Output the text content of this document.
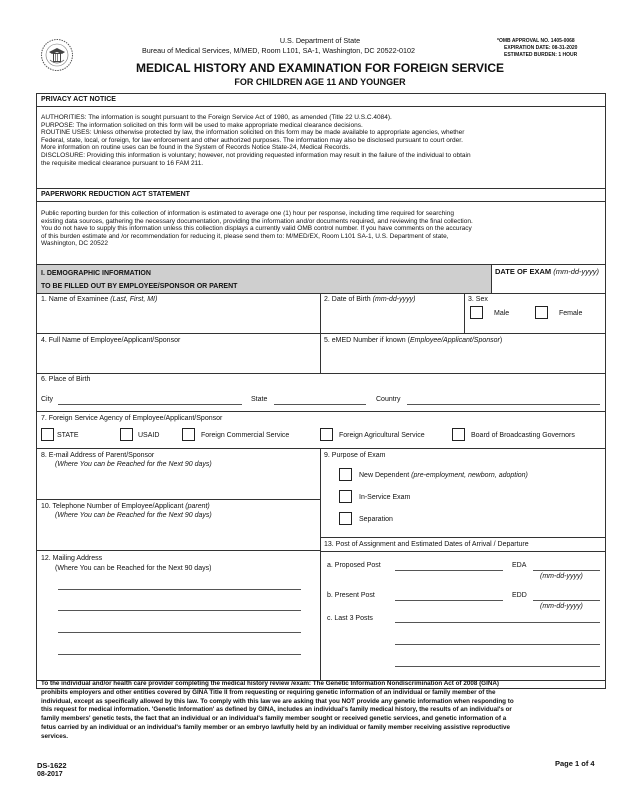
U.S. Department of State
Bureau of Medical Services, M/MED, Room L101, SA-1, Washington, DC 20522-0102
*OMB APPROVAL NO. 1405-0068
EXPIRATION DATE: 08-31-2020
ESTIMATED BURDEN: 1 HOUR
MEDICAL HISTORY AND EXAMINATION FOR FOREIGN SERVICE
FOR CHILDREN AGE 11 AND YOUNGER
PRIVACY ACT NOTICE
AUTHORITIES: The information is sought pursuant to the Foreign Service Act of 1980, as amended (Title 22 U.S.C.4084).
PURPOSE: The information solicited on this form will be used to make appropriate medical clearance decisions.
ROUTINE USES: Unless otherwise protected by law, the information solicited on this form may be made available to appropriate agencies, whether
Federal, state, local, or foreign, for law enforcement and other authorized purposes. The information may also be disclosed pursuant to court order.
More information on routine uses can be found in the System of Records Notice State-24, Medical Records.
DISCLOSURE: Providing this information is voluntary; however, not providing requested information may result in the failure of the individual to obtain
the requisite medical clearance pursuant to 16 FAM 211.
PAPERWORK REDUCTION ACT STATEMENT
Public reporting burden for this collection of information is estimated to average one (1) hour per response, including time required for searching
existing data sources, gathering the necessary documentation, providing the information and/or documents required, and reviewing the final collection.
You do not have to supply this information unless this collection displays a currently valid OMB control number. If you have comments on the accuracy
of this burden estimate and /or recommendation for reducing it, please send them to: M/MED/EX, Room L101 SA-1, U.S. Department of state,
Washington, DC 20522
I. DEMOGRAPHIC INFORMATION
TO BE FILLED OUT BY EMPLOYEE/SPONSOR OR PARENT
DATE OF EXAM (mm-dd-yyyy)
1. Name of Examinee (Last, First, MI)	2. Date of Birth (mm-dd-yyyy)	3. Sex
Male	Female
4. Full Name of Employee/Applicant/Sponsor	5. eMED Number if known (Employee/Applicant/Sponsor)
6. Place of Birth
City	State	Country
7. Foreign Service Agency of Employee/Applicant/Sponsor
STATE	USAID	Foreign Commercial Service	Foreign Agricultural Service	Board of Broadcasting Governors
8. E-mail Address of Parent/Sponsor
(Where You can be Reached for the Next 90 days)
10. Telephone Number of Employee/Applicant (parent)
(Where You can be Reached for the Next 90 days)
12. Mailing Address
(Where You can be Reached for the Next 90 days)
9. Purpose of Exam
New Dependent (pre-employment, newborn, adoption)
In-Service Exam
Separation
13. Post of Assignment and Estimated Dates of Arrival / Departure
a. Proposed Post	EDA
(mm-dd-yyyy)
b. Present Post	EDD
(mm-dd-yyyy)
c. Last 3 Posts
To the individual and/or health care provider completing the medical history review /exam: The Genetic Information Nondiscrimination Act of 2008 (GINA)
prohibits employers and other entities covered by GINA Title II from requesting or requiring genetic information of an individual or family member of the
individual, except as specifically allowed by this law. To comply with this law we are asking that you NOT provide any genetic information when responding to
this request for medical information. 'Genetic Information' as defined by GINA, includes an individual's family medical history, the results of an individual's or
family members' genetic tests, the fact that an individual or an individual's family member sought or received genetic services, and genetic information of a
fetus carried by an individual or an individual's family member or an embryo lawfully held by an individual or family member receiving assistive reproductive
services.
DS-1622
08-2017
Page 1 of 4
